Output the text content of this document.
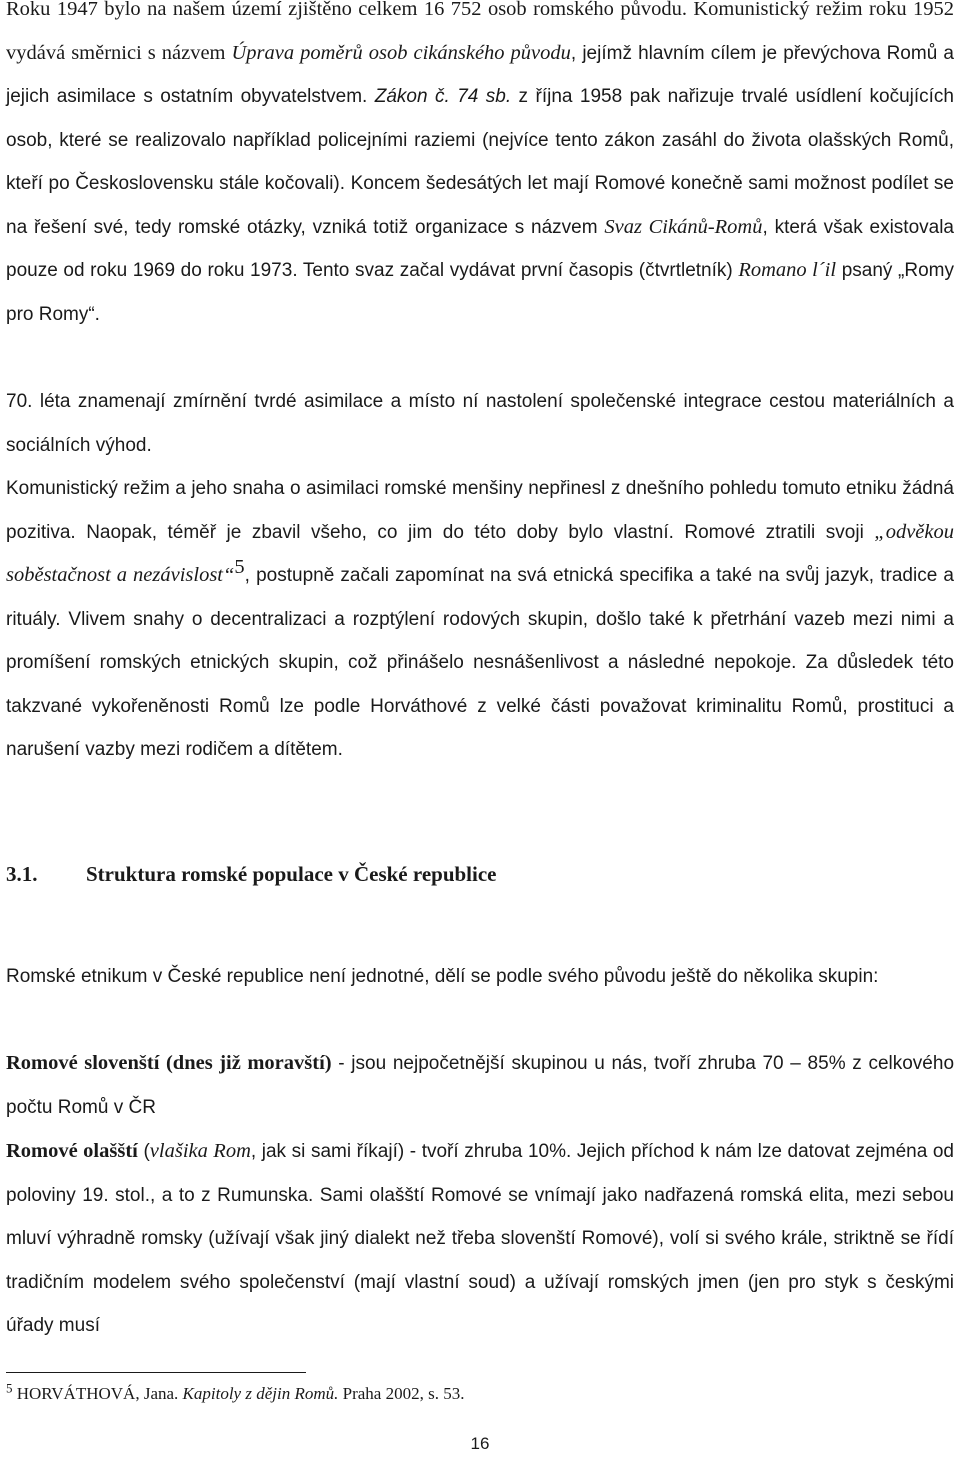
Roku 1947 bylo na našem území zjištěno celkem 16 752 osob romského původu. Komunistický režim roku 1952 vydává směrnici s názvem Úprava poměrů osob cikánského původu, jejímž hlavním cílem je převýchova Romů a jejich asimilace s ostatním obyvatelstvem. Zákon č. 74 sb. z října 1958 pak nařizuje trvalé usídlení kočujících osob, které se realizovalo například policejními raziemi (nejvíce tento zákon zasáhl do života olašských Romů, kteří po Československu stále kočovali). Koncem šedesátých let mají Romové konečně sami možnost podílet se na řešení své, tedy romské otázky, vzniká totiž organizace s názvem Svaz Cikánů-Romů, která však existovala pouze od roku 1969 do roku 1973. Tento svaz začal vydávat první časopis (čtvrtletník) Romano l´il psaný „Romy pro Romy“.

70. léta znamenají zmírnění tvrdé asimilace a místo ní nastolení společenské integrace cestou materiálních a sociálních výhod.

Komunistický režim a jeho snaha o asimilaci romské menšiny nepřinesl z dnešního pohledu tomuto etniku žádná pozitiva. Naopak, téměř je zbavil všeho, co jim do této doby bylo vlastní. Romové ztratili svoji „odvěkou soběstačnost a nezávislost“$^5$, postupně začali zapomínat na svá etnická specifika a také na svůj jazyk, tradice a rituály. Vlivem snahy o decentralizaci a rozptýlení rodových skupin, došlo také k přetrhání vazeb mezi nimi a promíšení romských etnických skupin, což přinášelo nesnášenlivost a následné nepokoje. Za důsledek této takzvané vykořeněnosti Romů lze podle Horváthové z velké části považovat kriminalitu Romů, prostituci a narušení vazby mezi rodičem a dítětem.

3.1. Struktura romské populace v České republice

Romské etnikum v České republice není jednotné, dělí se podle svého původu ještě do několika skupin:

Romové slovenští (dnes již moravští) - jsou nejpočetnější skupinou u nás, tvoří zhruba 70 – 85% z celkového počtu Romů v ČR

Romové olašští (vlašika Rom, jak si sami říkají) - tvoří zhruba 10%. Jejich příchod k nám lze datovat zejména od poloviny 19. stol., a to z Rumunska. Sami olašští Romové se vnímají jako nadřazená romská elita, mezi sebou mluví výhradně romsky (užívají však jiný dialekt než třeba slovenští Romové), volí si svého krále, striktně se řídí tradičním modelem svého společenství (mají vlastní soud) a užívají romských jmen (jen pro styk s českými úřady musí

$^5$ HORVÁTHOVÁ, Jana. Kapitoly z dějin Romů. Praha 2002, s. 53.

16
